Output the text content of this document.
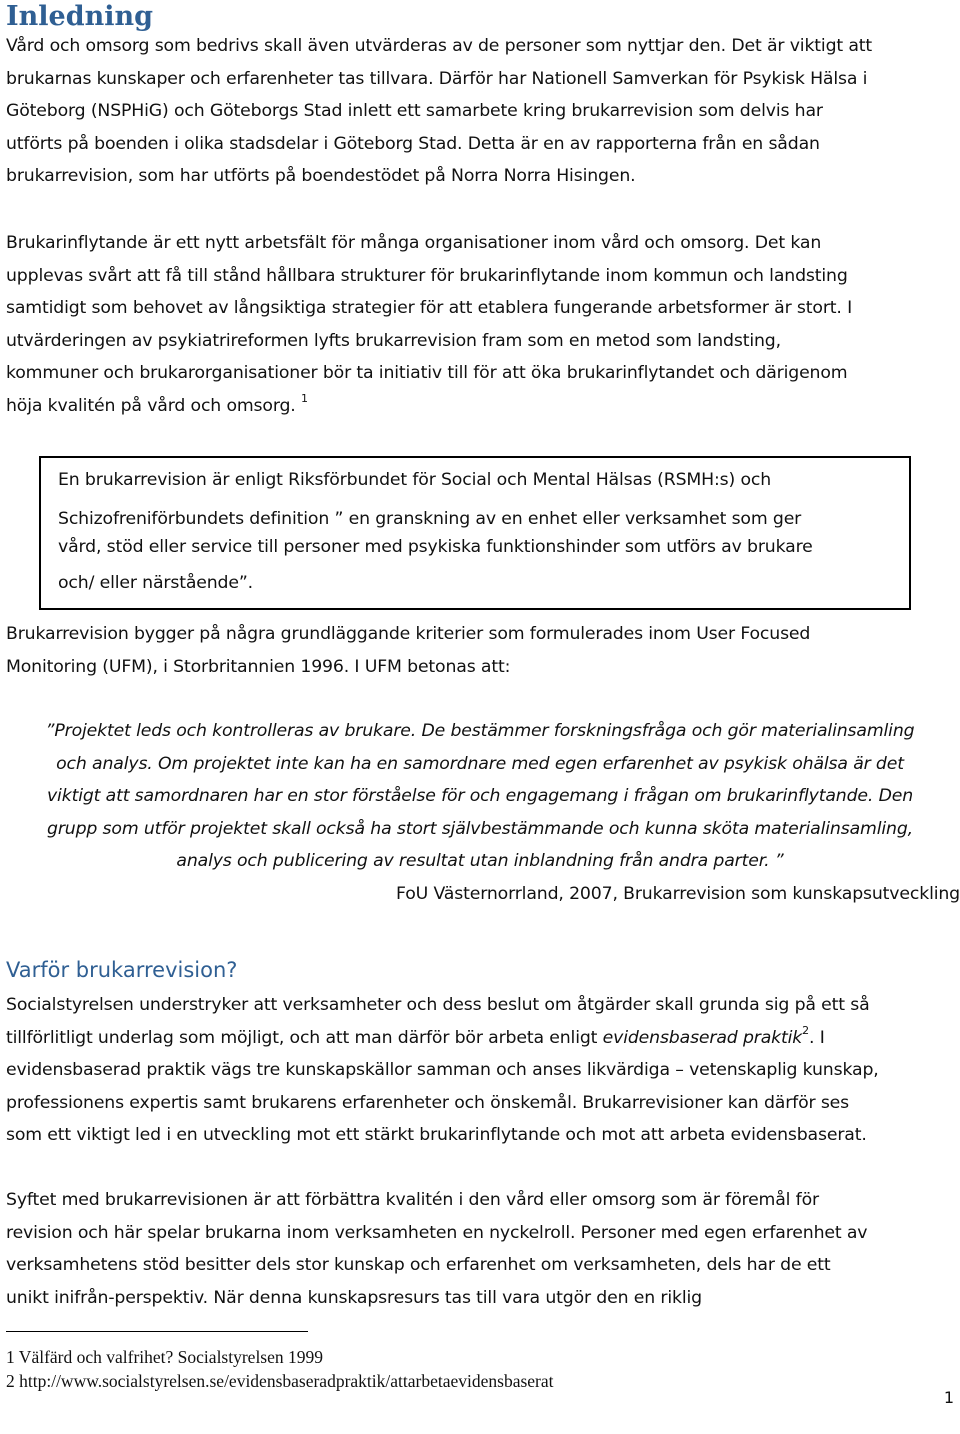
Inledning
Vård och omsorg som bedrivs skall även utvärderas av de personer som nyttjar den. Det är viktigt att
brukarnas kunskaper och erfarenheter tas tillvara. Därför har Nationell Samverkan för Psykisk Hälsa i
Göteborg (NSPHiG) och Göteborgs Stad inlett ett samarbete kring brukarrevision som delvis har
utförts på boenden i olika stadsdelar i Göteborg Stad. Detta är en av rapporterna från en sådan
brukarrevision, som har utförts på boendestödet på Norra Norra Hisingen.
Brukarinflytande är ett nytt arbetsfält för många organisationer inom vård och omsorg. Det kan
upplevas svårt att få till stånd hållbara strukturer för brukarinflytande inom kommun och landsting
samtidigt som behovet av långsiktiga strategier för att etablera fungerande arbetsformer är stort. I
utvärderingen av psykiatrireformen lyfts brukarrevision fram som en metod som landsting,
kommuner och brukarorganisationer bör ta initiativ till för att öka brukarinflytandet och därigenom
höja kvalitén på vård och omsorg. $^1$
En brukarrevision är enligt Riksförbundet för Social och Mental Hälsas (RSMH:s) och
Schizofreniförbundets definition ” en granskning av en enhet eller verksamhet som ger
vård, stöd eller service till personer med psykiska funktionshinder som utförs av brukare
och/ eller närstående”.
Brukarrevision bygger på några grundläggande kriterier som formulerades inom User Focused
Monitoring (UFM), i Storbritannien 1996. I UFM betonas att:
”Projektet leds och kontrolleras av brukare. De bestämmer forskningsfråga och gör materialinsamling
och analys. Om projektet inte kan ha en samordnare med egen erfarenhet av psykisk ohälsa är det
viktigt att samordnaren har en stor förståelse för och engagemang i frågan om brukarinflytande. Den
grupp som utför projektet skall också ha stort självbestämmande och kunna sköta materialinsamling,
analys och publicering av resultat utan inblandning från andra parter. ”
FoU Västernorrland, 2007, Brukarrevision som kunskapsutveckling
Varför brukarrevision?
Socialstyrelsen understryker att verksamheter och dess beslut om åtgärder skall grunda sig på ett så
tillförlitligt underlag som möjligt, och att man därför bör arbeta enligt evidensbaserad praktik$^2$. I
evidensbaserad praktik vägs tre kunskapskällor samman och anses likvärdiga – vetenskaplig kunskap,
professionens expertis samt brukarens erfarenheter och önskemål. Brukarrevisioner kan därför ses
som ett viktigt led i en utveckling mot ett stärkt brukarinflytande och mot att arbeta evidensbaserat.
Syftet med brukarrevisionen är att förbättra kvalitén i den vård eller omsorg som är föremål för
revision och här spelar brukarna inom verksamheten en nyckelroll. Personer med egen erfarenhet av
verksamhetens stöd besitter dels stor kunskap och erfarenhet om verksamheten, dels har de ett
unikt inifrån-perspektiv. När denna kunskapsresurs tas till vara utgör den en riklig

1 Välfärd och valfrihet? Socialstyrelsen 1999

2 http://www.socialstyrelsen.se/evidensbaseradpraktik/attarbetaevidensbaserat

1
